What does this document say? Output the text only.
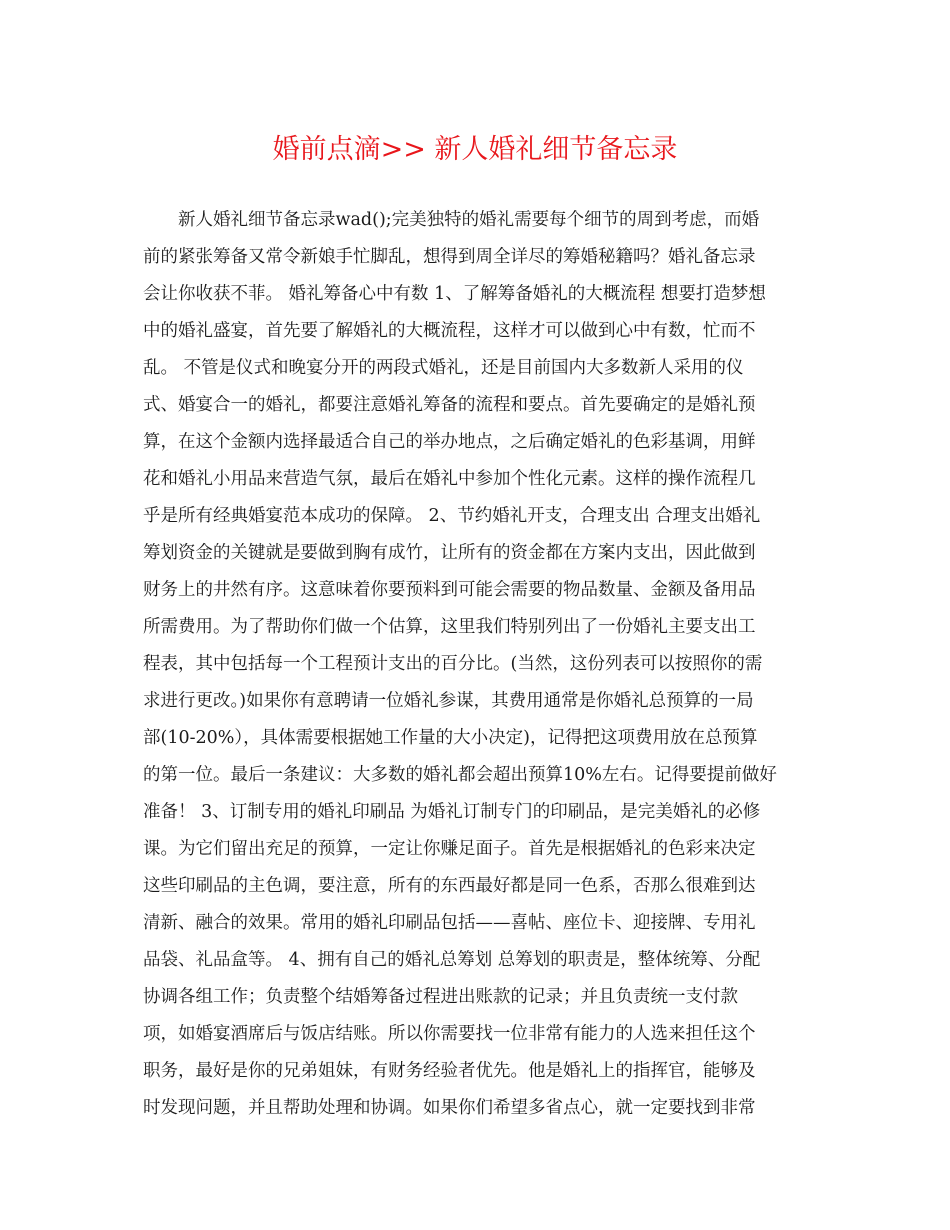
婚前点滴>> 新人婚礼细节备忘录
新人婚礼细节备忘录wad();完美独特的婚礼需要每个细节的周到考虑，而婚
前的紧张筹备又常令新娘手忙脚乱，想得到周全详尽的筹婚秘籍吗？婚礼备忘录
会让你收获不菲。 婚礼筹备心中有数 1、了解筹备婚礼的大概流程 想要打造梦想
中的婚礼盛宴，首先要了解婚礼的大概流程，这样才可以做到心中有数，忙而不
乱。 不管是仪式和晚宴分开的两段式婚礼，还是目前国内大多数新人采用的仪
式、婚宴合一的婚礼，都要注意婚礼筹备的流程和要点。首先要确定的是婚礼预
算，在这个金额内选择最适合自己的举办地点，之后确定婚礼的色彩基调，用鲜
花和婚礼小用品来营造气氛，最后在婚礼中参加个性化元素。这样的操作流程几
乎是所有经典婚宴范本成功的保障。 2、节约婚礼开支，合理支出 合理支出婚礼
筹划资金的关键就是要做到胸有成竹，让所有的资金都在方案内支出，因此做到
财务上的井然有序。这意味着你要预料到可能会需要的物品数量、金额及备用品
所需费用。为了帮助你们做一个估算，这里我们特别列出了一份婚礼主要支出工
程表，其中包括每一个工程预计支出的百分比。(当然，这份列表可以按照你的需
求进行更改。)如果你有意聘请一位婚礼参谋，其费用通常是你婚礼总预算的一局
部(10-20%），具体需要根据她工作量的大小决定)，记得把这项费用放在总预算
的第一位。最后一条建议：大多数的婚礼都会超出预算10%左右。记得要提前做好
准备！ 3、订制专用的婚礼印刷品 为婚礼订制专门的印刷品，是完美婚礼的必修
课。为它们留出充足的预算，一定让你赚足面子。首先是根据婚礼的色彩来决定
这些印刷品的主色调，要注意，所有的东西最好都是同一色系，否那么很难到达
清新、融合的效果。常用的婚礼印刷品包括——喜帖、座位卡、迎接牌、专用礼
品袋、礼品盒等。 4、拥有自己的婚礼总筹划 总筹划的职责是，整体统筹、分配
协调各组工作；负责整个结婚筹备过程进出账款的记录；并且负责统一支付款
项，如婚宴酒席后与饭店结账。所以你需要找一位非常有能力的人选来担任这个
职务，最好是你的兄弟姐妹，有财务经验者优先。他是婚礼上的指挥官，能够及
时发现问题，并且帮助处理和协调。如果你们希望多省点心，就一定要找到非常
